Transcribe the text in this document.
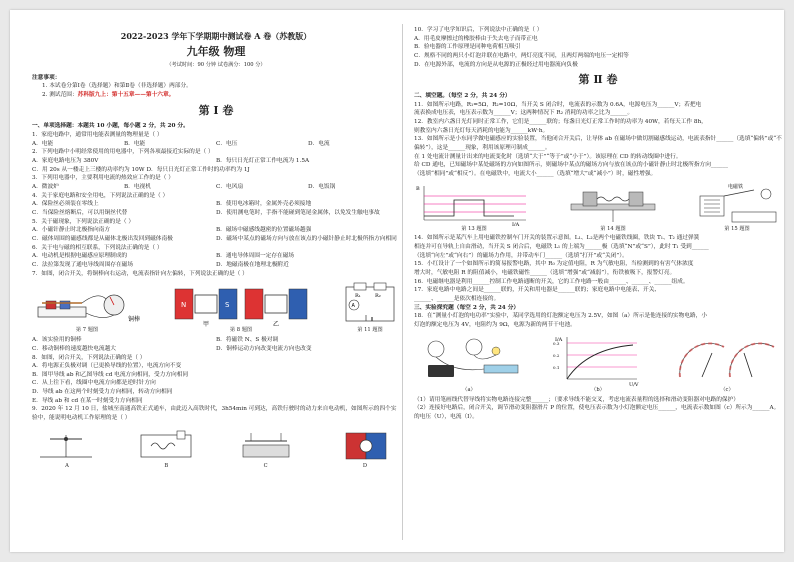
2022-2023 学年下学期期中测试卷 A 卷（苏教版）
九年级 物理
（考试时间：90 分钟 试卷满分：100 分）
注意事项：
1. 本试卷分第Ⅰ卷（选择题）和第Ⅱ卷（非选择题）两部分。
2. 测试范围：苏科版九上：第十五章——第十六章。
第 Ⅰ 卷
一、单项选择题：本题共 10 小题，每小题 2 分，共 20 分。
1．家庭电路中，通常用电能表测量的物理量是（ ）
A．电能	B．电能	C．电压	D．电流
2．下列电路中小明经常使用的用电器中，下列各项最接近实际的是（ ）
A．家庭电路电压为 380V	B．每只日光灯正常工作电流为 1.5A
C．用 20s 从一楼走上三楼的功率约为 10W D．每只日光灯正常工作时的功率约为 1J
3．下列用电器中，主要利用电流的热效应工作的是（ ）
A．微波炉	B．电视机	C．电风扇	D．电饭锅
4．关于家庭电路和安全用电，下列说法正确的是（ ）
A．保险丝必须装在零线上	B．使用电冰箱时，金属外壳必须接地
C．当保险丝熔断后，可以用铜丝代替	D．使用测电笔时，手指不能碰到笔尾金属体，以免发生触电事故
5．关于磁现象，下列说法正确的是（ ）
A．小磁针静止时北极指向南方	B．磁场中磁感线越密的位置磁场越强
C．磁体周围的磁感线都是从磁体北极出发回到磁体南极	D．磁场中某点的磁场方向与放在该点的小磁针静止时北极所指方向相同
6．关于电与磁的相互联系，下列说法正确的是（ ）
A．电动机是根据电磁感应原理制成的	B．通电导体周围一定存在磁场
C．法拉第发现了通电导线周围存在磁场	D．地磁南极在地理北极附近
7．如图，闭合开关，将铜棒向右运动，电流表指针向左偏转，下列说法正确的是（ ）
铜棒
第 7 题图
N	S
甲	乙
第 8 题图
R₁	R₂
A
第 11 题图
A．该实验用的铜棒	B．将磁铁 N、S 极对调
C．移动铜棒的速度越快电流越大	D．铜棒运动方向改变电流方向也改变
8．如图，闭合开关，下列说法正确的是（ ）
A．将电源正负极对调（已更换导线的位置），电流方向不变
B．图甲导线 ab 和乙图导线 cd 电流方向相同，受力方向相同
C．从上往下看，线圈中电流方向都是逆时针方向
D．导线 ab 在这两个时刻受力方向相同，转动方向相同
E．导线 ab 和 cd 在某一时刻受力方向相同
9．2020 年 12 月 10 日，盐城至南通高铁正式通车，由此迈入高铁时代，3h54min 可到达，高铁行驶时的动力来自电动机，如图所示的四个实验中，能说明电动机工作原理的是（ ）
A	B	C	D
10．学习了电学知识后，下列说法中正确的是（ ）
A．用毛皮摩擦过的橡胶棒由于失去电子而带正电
B．验电器的工作原理是同种电荷相互吸引
C．规格不同的两只小灯泡并联在电路中，两灯亮度不同，且两灯两端的电压一定相等
D．在电源外部，电流的方向是从电源的正极经过用电器流向负极
第 Ⅱ 卷
二、填空题。（每空 2 分，共 24 分）
11．如图所示电路，R₁=5Ω，R₂=10Ω，当开关 S 闭合时，电流表的示数为 0.6A，电源电压为______V；若把电
流表换成电压表，电压表示数为______V；这两种情况下 R₂ 消耗的功率之比为______。
12．教室内六盏日光灯同时正常工作，它们是______联的；每盏日光灯正常工作时的功率为 40W，若每天工作 8h，
则教室内六盏日光灯每天消耗的电能为______kW·h。
13．如图所示是小东同学做电磁感应的实验装置，当他闭合开关后，让导体 ab 在磁场中做切割磁感线运动，电流表指针______（选填“偏转”或“不偏转”），这是______现象，利用该原理可制成______。
在 1 处电流计测量计出来的电流变化时（选填“大于”“等于”或“小于”）。该原理在 CD 的转动线圈中进行。
给 CD 通电，已知磁场中某处磁场的方向如图所示，则磁场中某点的磁场方向与放在该点的小磁针静止时北极所指方向______
（选填“相同”或“相反”）。在电磁铁中，电流大小______（选填“增大”或“减小”）时，磁性增强。
B
I/A
第 13 题图	第 14 题图
电磁铁
第 15 题图
14．如图所示是某汽车上用电磁铁控制车门开关的装置示意图。L₁、L₂是两个电磁铁线圈，铁块 T₁、T₂ 通过弹簧
相连并可在导轨上自由滑动，当开关 S 闭合后，电磁铁 L₁ 的上端为______极（选填“N”或“S”），此时 T₁ 受到______
（选填“向左”或“向右”）的磁场力作用，并带动车门______（选填“打开”或“关闭”）。
15．小红设计了一个如图所示的简易报警电路，其中 R₀ 为定值电阻，R 为气敏电阻，当检测到的有害气体浓度
增大时，气敏电阻 R 的阻值减小，电磁铁磁性______（选填“增强”或“减弱”），衔铁被吸下，报警灯亮。
16．电磁继电器是利用______控制工作电路通断的开关，它的工作电路一般由______、______、______组成。
17．家庭电路中电路之间是______联的，开关和用电器是______联的；家庭电路中电能表、开关、
______、______是依次相连接的。
三、实验探究题（每空 2 分，共 24 分）
18．在“测量小灯泡的电功率”实验中，某同学选用的灯泡额定电压为 2.5V，如图（a）所示是他连接的实物电路，小
灯泡的额定电压为 4V，电阻约为 9Ω，电源为新的两节干电池。
（a）
I/A
U/V
0.3
0.2
0.1
（b）	（c）
（1）请用笔画线代替导线将实物电路连接完整______；（要求导线不能交叉，考虑电流表量程的选择和滑动变阻器对电路的保护）
（2）连接好电路后，闭合开关，调节滑动变阻器滑片 P 的位置，使电压表示数为小灯泡额定电压______，电流表示数如图（c）所示为______A。
的电压（U），电流（I）。
